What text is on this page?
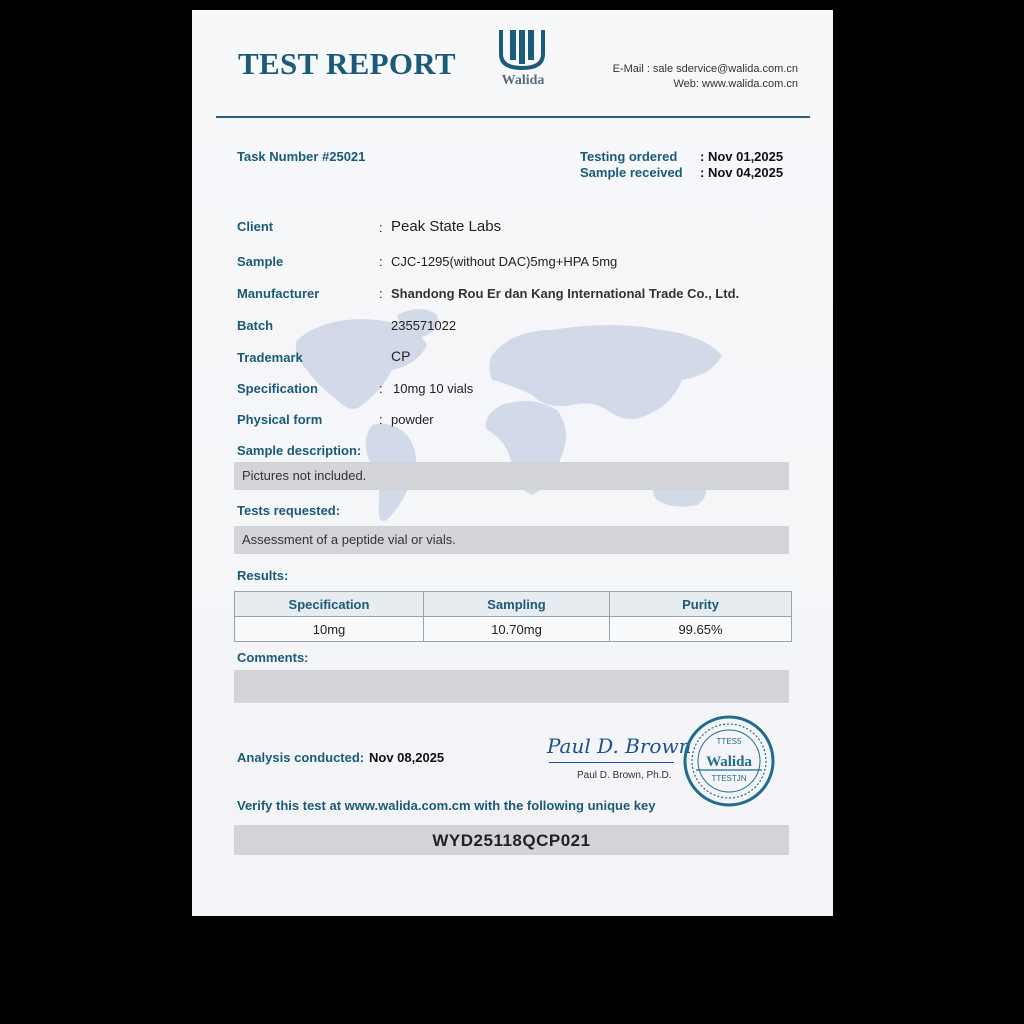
TEST REPORT	Walida
E-Mail : sale sdervice@walida.com.cn
Web: www.walida.com.cn
Task Number #25021	Testing ordered : Nov 01,2025
Sample received : Nov 04,2025
Client	: Peak State Labs
Sample	: CJC-1295(without DAC)5mg+HPA 5mg
Manufacturer	: Shandong Rou Er dan Kang International Trade Co., Ltd.
Batch	235571022
Trademark	CP
Specification	: 10mg 10 vials
Physical form	: powder
Sample description:
Pictures not included.
Tests requested:
Assessment of a peptide vial or vials.
Results:
Specification	Sampling	Purity
10mg	10.70mg	99.65%
Comments:
Analysis conducted: Nov 08,2025	Paul D. Brown
Paul D. Brown, Ph.D.
TTES5
Walida
TTESTJN
Verify this test at www.walida.com.cm with the following unique key
WYD25118QCP021
